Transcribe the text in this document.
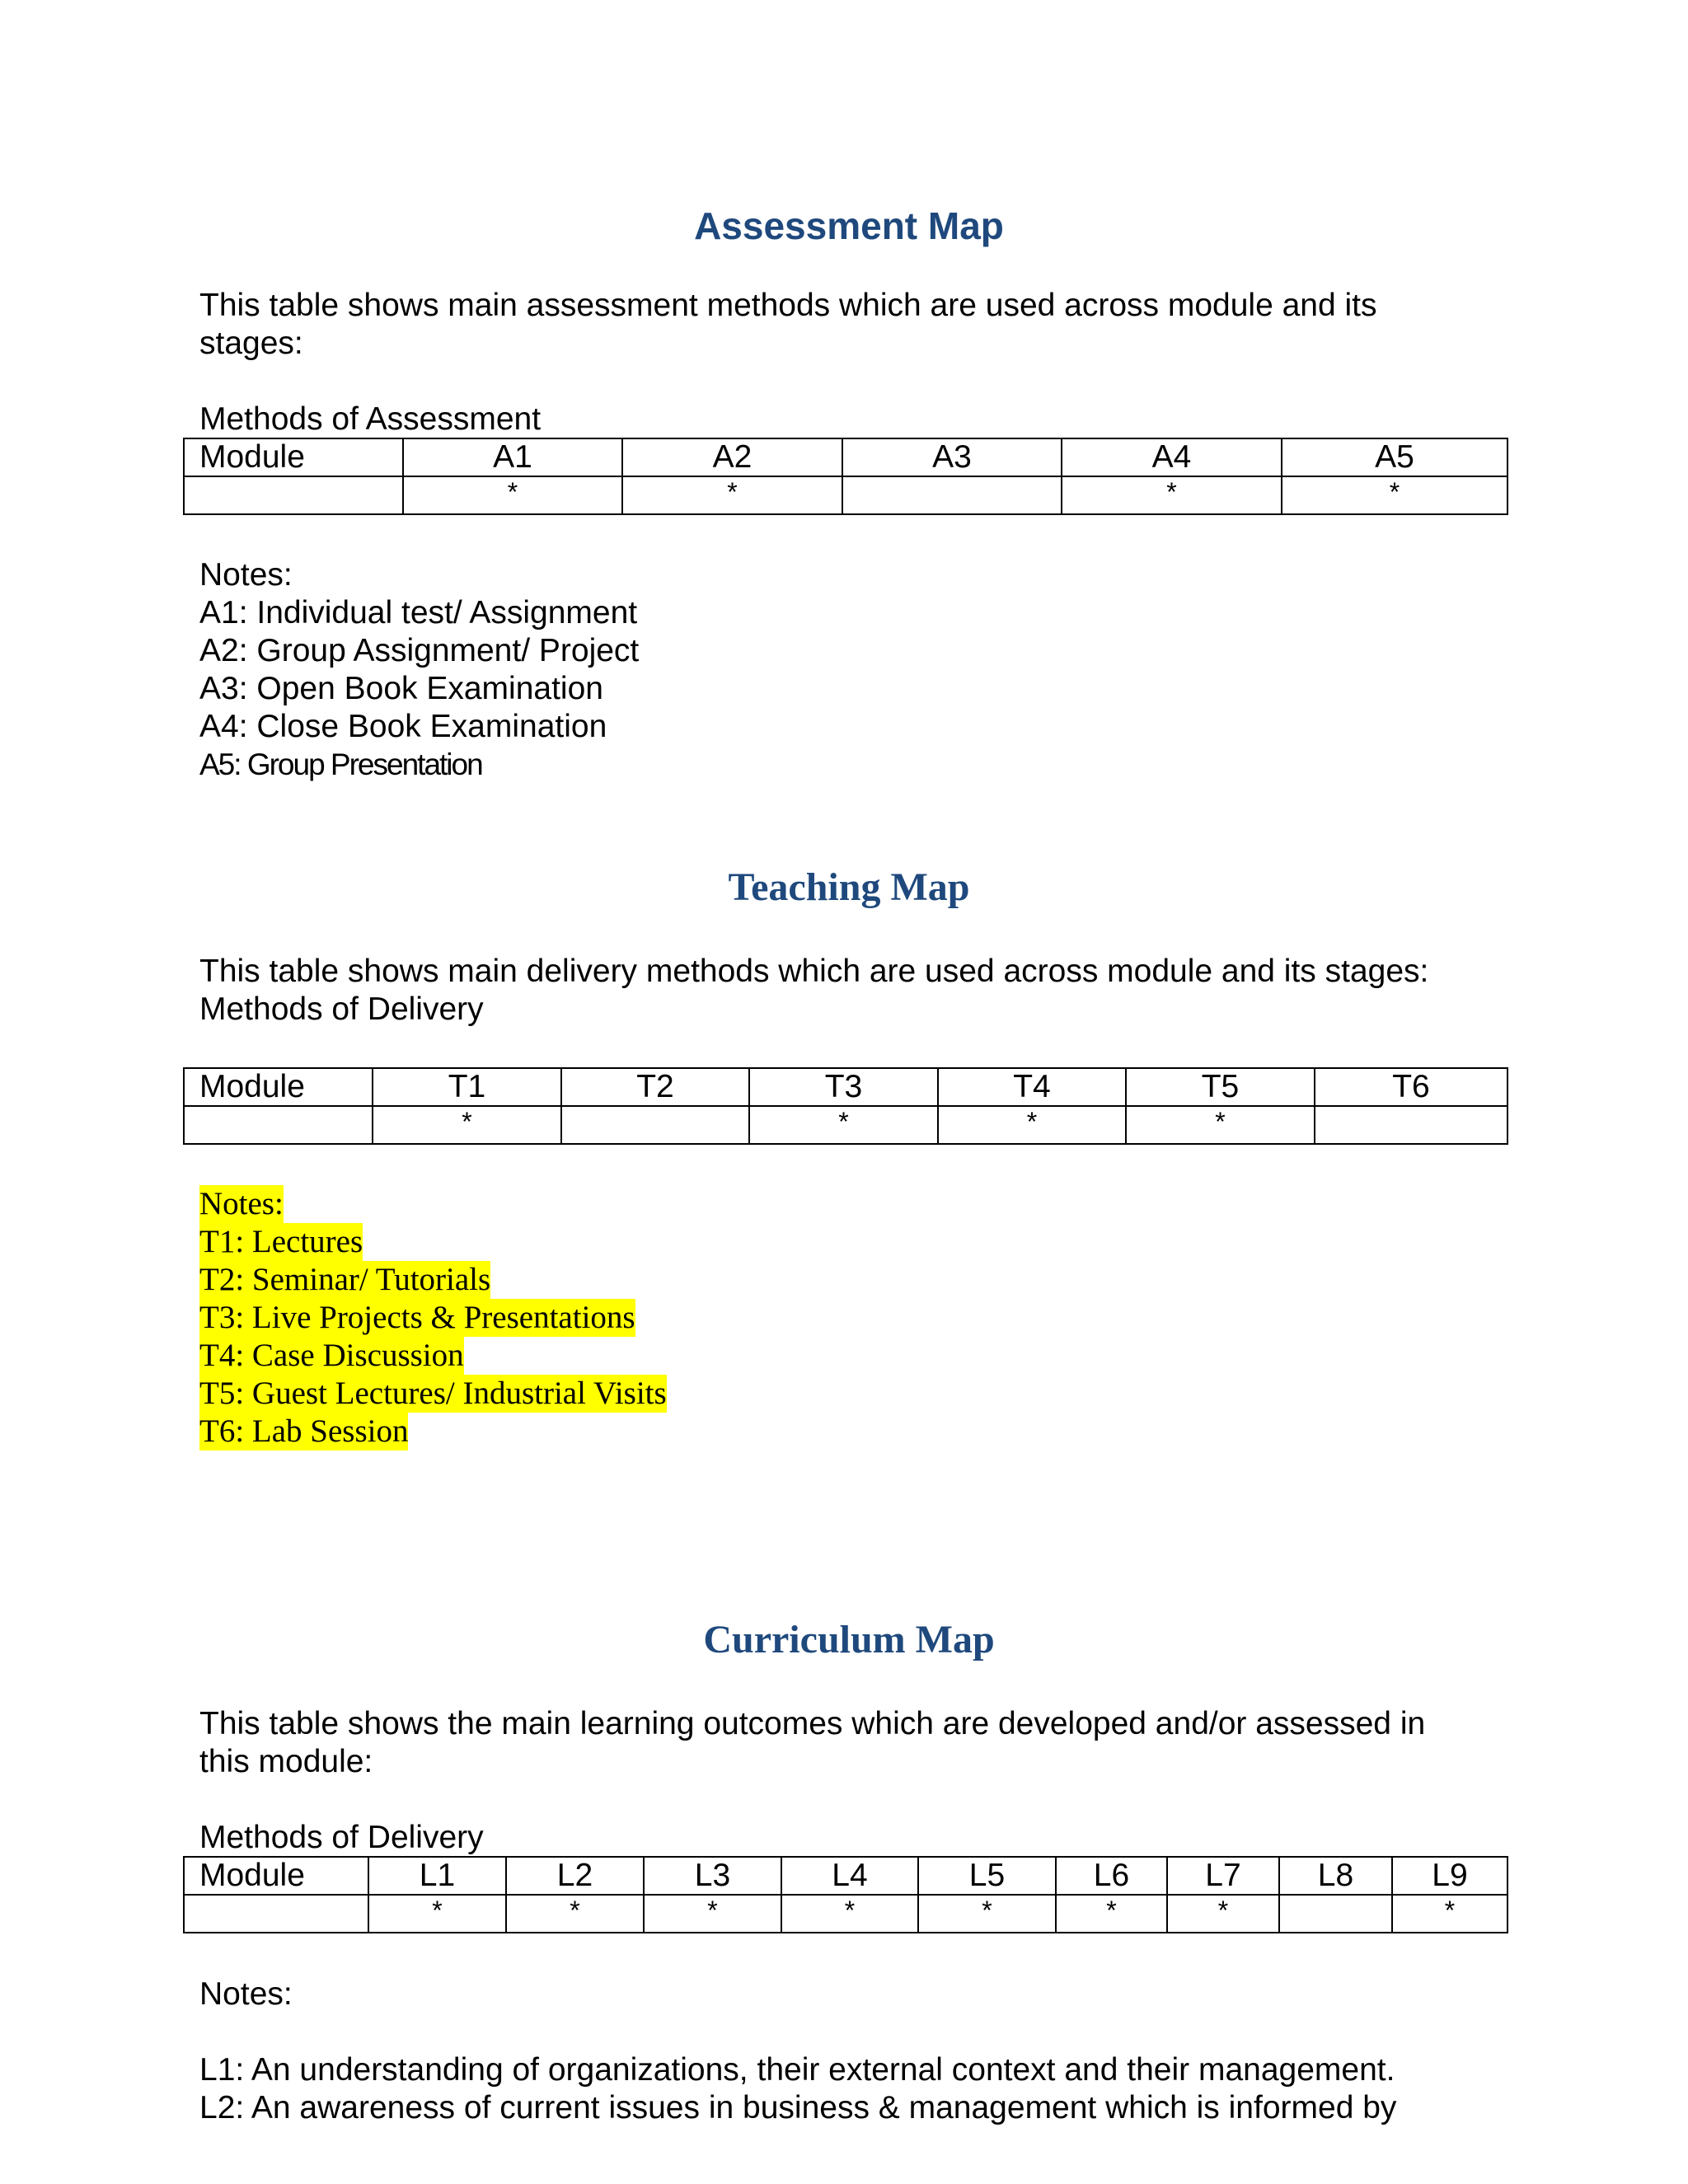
Assessment Map
This table shows main assessment methods which are used across module and its
stages:
Methods of Assessment
Module	A1	A2	A3	A4	A5
	*	*		*	*
Notes:
A1: Individual test/ Assignment
A2: Group Assignment/ Project
A3: Open Book Examination
A4: Close Book Examination
A5: Group Presentation
Teaching Map
This table shows main delivery methods which are used across module and its stages:
Methods of Delivery
Module	T1	T2	T3	T4	T5	T6
	*		*	*	*	
Notes:
T1: Lectures
T2: Seminar/ Tutorials
T3: Live Projects & Presentations
T4: Case Discussion
T5: Guest Lectures/ Industrial Visits
T6: Lab Session
Curriculum Map
This table shows the main learning outcomes which are developed and/or assessed in
this module:
Methods of Delivery
Module	L1	L2	L3	L4	L5	L6	L7	L8	L9
	*	*	*	*	*	*	*		*
Notes:
L1: An understanding of organizations, their external context and their management.
L2: An awareness of current issues in business & management which is informed by
